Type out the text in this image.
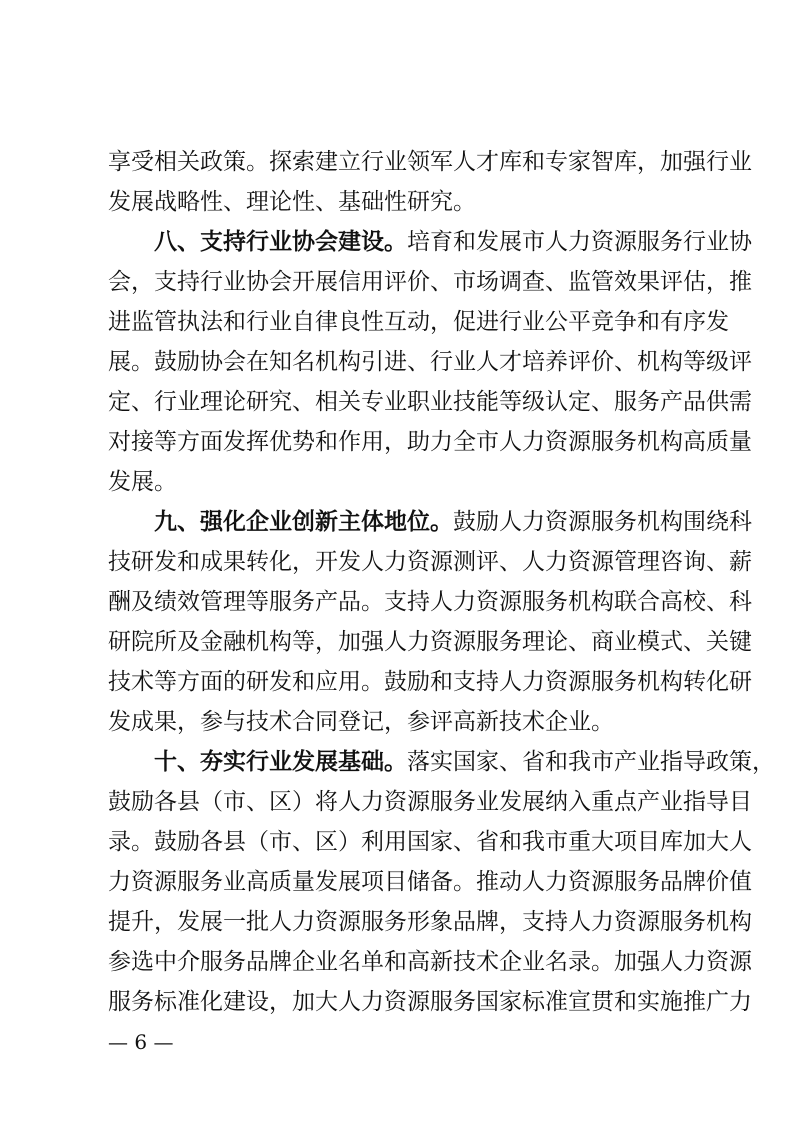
享受相关政策。探索建立行业领军人才库和专家智库，加强行业
发展战略性、理论性、基础性研究。
八、支持行业协会建设。培育和发展市人力资源服务行业协
会，支持行业协会开展信用评价、市场调查、监管效果评估，推
进监管执法和行业自律良性互动，促进行业公平竞争和有序发
展。鼓励协会在知名机构引进、行业人才培养评价、机构等级评
定、行业理论研究、相关专业职业技能等级认定、服务产品供需
对接等方面发挥优势和作用，助力全市人力资源服务机构高质量
发展。
九、强化企业创新主体地位。鼓励人力资源服务机构围绕科
技研发和成果转化，开发人力资源测评、人力资源管理咨询、薪
酬及绩效管理等服务产品。支持人力资源服务机构联合高校、科
研院所及金融机构等，加强人力资源服务理论、商业模式、关键
技术等方面的研发和应用。鼓励和支持人力资源服务机构转化研
发成果，参与技术合同登记，参评高新技术企业。
十、夯实行业发展基础。落实国家、省和我市产业指导政策，
鼓励各县（市、区）将人力资源服务业发展纳入重点产业指导目
录。鼓励各县（市、区）利用国家、省和我市重大项目库加大人
力资源服务业高质量发展项目储备。推动人力资源服务品牌价值
提升，发展一批人力资源服务形象品牌，支持人力资源服务机构
参选中介服务品牌企业名单和高新技术企业名录。加强人力资源
服务标准化建设，加大人力资源服务国家标准宣贯和实施推广力
— 6 —
